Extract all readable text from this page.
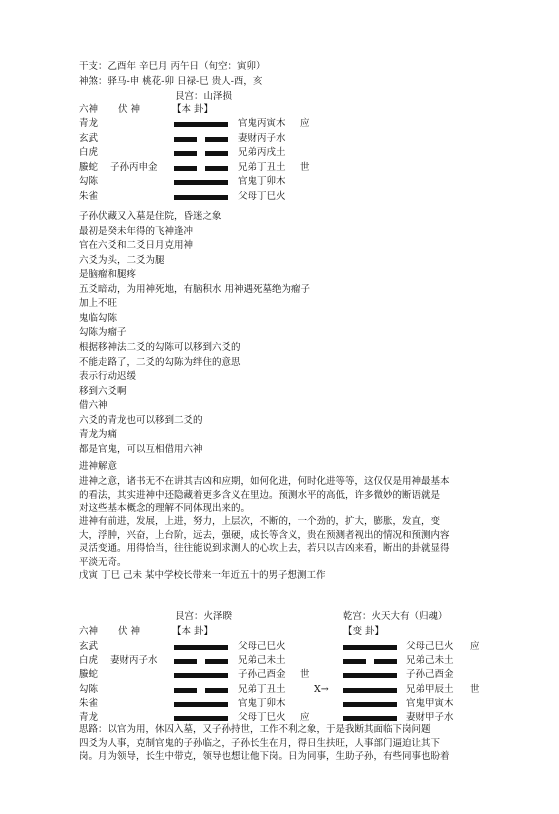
干支：乙酉年 辛巳月 丙午日（旬空：寅卯）
神煞：驿马-申 桃花-卯 日禄-巳 贵人-酉，亥
艮宫：山泽损
六神 伏 神	【本 卦】
青龙	官鬼丙寅木 应
玄武	妻财丙子水
白虎	兄弟丙戌土
螣蛇 子孙丙申金	兄弟丁丑土 世
勾陈	官鬼丁卯木
朱雀	父母丁巳火
子孙伏藏又入墓是住院，昏迷之象
最初是癸未年得的飞神逢冲
官在六爻和二爻日月克用神
六爻为头，二爻为腿
是脑瘤和腿疼
五爻暗动，为用神死地，有脑积水 用神遇死墓绝为瘤子
加上不旺
鬼临勾陈
勾陈为瘤子
根据移神法二爻的勾陈可以移到六爻的
不能走路了，二爻的勾陈为绊住的意思
表示行动迟缓
移到六爻啊
借六神
六爻的青龙也可以移到二爻的
青龙为痛
都是官鬼，可以互相借用六神
进神解意
进神之意，诸书无不在讲其吉凶和应期，如何化进，何时化进等等，这仅仅是用神最基本
的看法，其实进神中还隐藏着更多含义在里边。预测水平的高低，许多微妙的断语就是
对这些基本概念的理解不同体现出来的。
进神有前进，发展，上进，努力，上层次，不断的，一个劲的，扩大，膨胀，发直，变
大，浮肿，兴奋，上台阶，远去，强硬，成长等含义，贵在预测者视出的情况和预测内容
灵活变通。用得恰当，往往能说到求测人的心坎上去，若只以吉凶来看，断出的卦就显得
平淡无奇。
戊寅 丁巳 己未 某中学校长带来一年近五十的男子想测工作
艮宫：火泽睽	乾宫：火天大有（归魂）
六神 伏 神	【本 卦】	【变 卦】
玄武	父母己巳火	父母己巳火 应
白虎 妻财丙子水	兄弟己未土	兄弟己未土
螣蛇	子孙己酉金 世	子孙己酉金
勾陈	兄弟丁丑土	X→	兄弟甲辰土 世
朱雀	官鬼丁卯木	官鬼甲寅木
青龙	父母丁巳火 应	妻财甲子水
思路：以官为用，休囚入墓，又子孙持世，工作不利之象，于是我断其面临下岗问题
四爻为人事，克制官鬼的子孙临之，子孙长生在月，得日生扶旺，人事部门逼迫让其下
岗。月为领导，长生中带克，领导也想让他下岗。日为同事，生助子孙，有些同事也盼着
